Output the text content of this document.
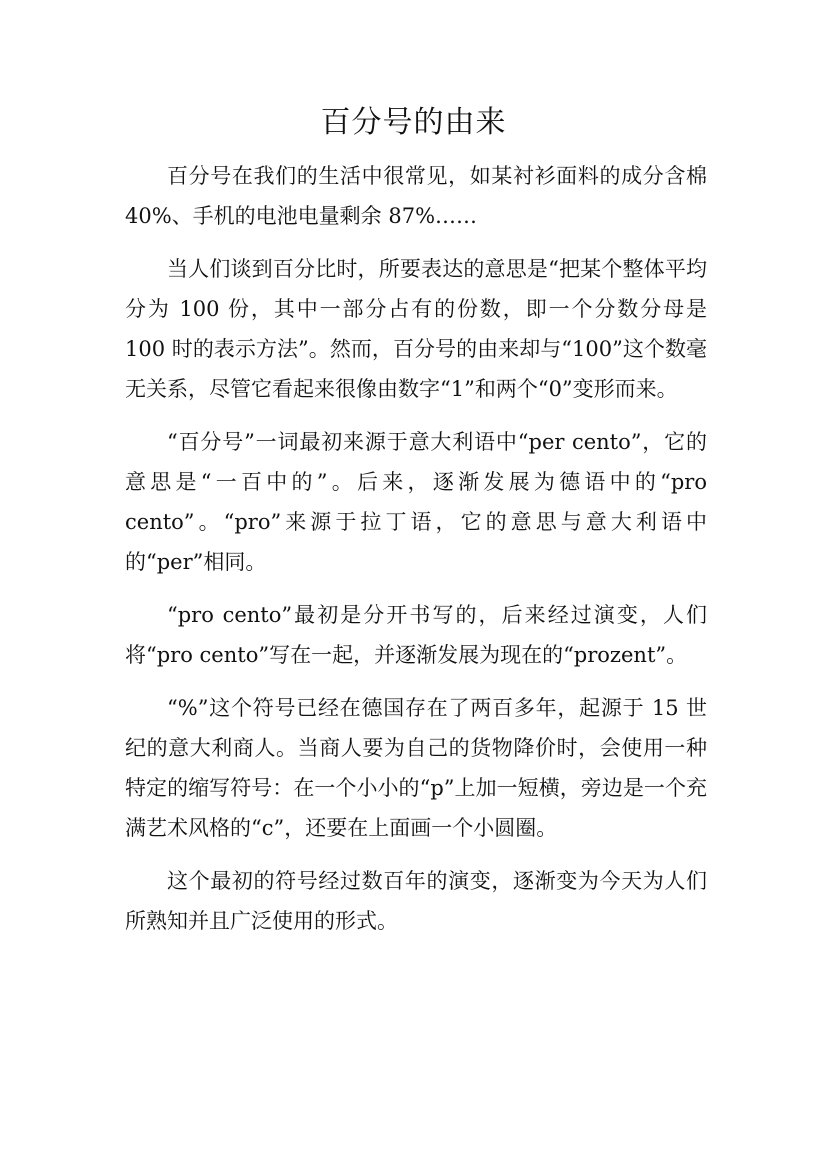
百分号的由来

百分号在我们的生活中很常见，如某衬衫面料的成分含棉 40%、手机的电池电量剩余 87%……

当人们谈到百分比时，所要表达的意思是“把某个整体平均分为 100 份，其中一部分占有的份数，即一个分数分母是 100 时的表示方法”。然而，百分号的由来却与“100”这个数毫无关系，尽管它看起来很像由数字“1”和两个“0”变形而来。

“百分号”一词最初来源于意大利语中“per cento”，它的意思是“一百中的”。后来，逐渐发展为德语中的“pro cento”。“pro”来源于拉丁语，它的意思与意大利语中的“per”相同。

“pro cento”最初是分开书写的，后来经过演变，人们将“pro cento”写在一起，并逐渐发展为现在的“prozent”。

“%”这个符号已经在德国存在了两百多年，起源于 15 世纪的意大利商人。当商人要为自己的货物降价时，会使用一种特定的缩写符号：在一个小小的“p”上加一短横，旁边是一个充满艺术风格的“c”，还要在上面画一个小圆圈。

这个最初的符号经过数百年的演变，逐渐变为今天为人们所熟知并且广泛使用的形式。
